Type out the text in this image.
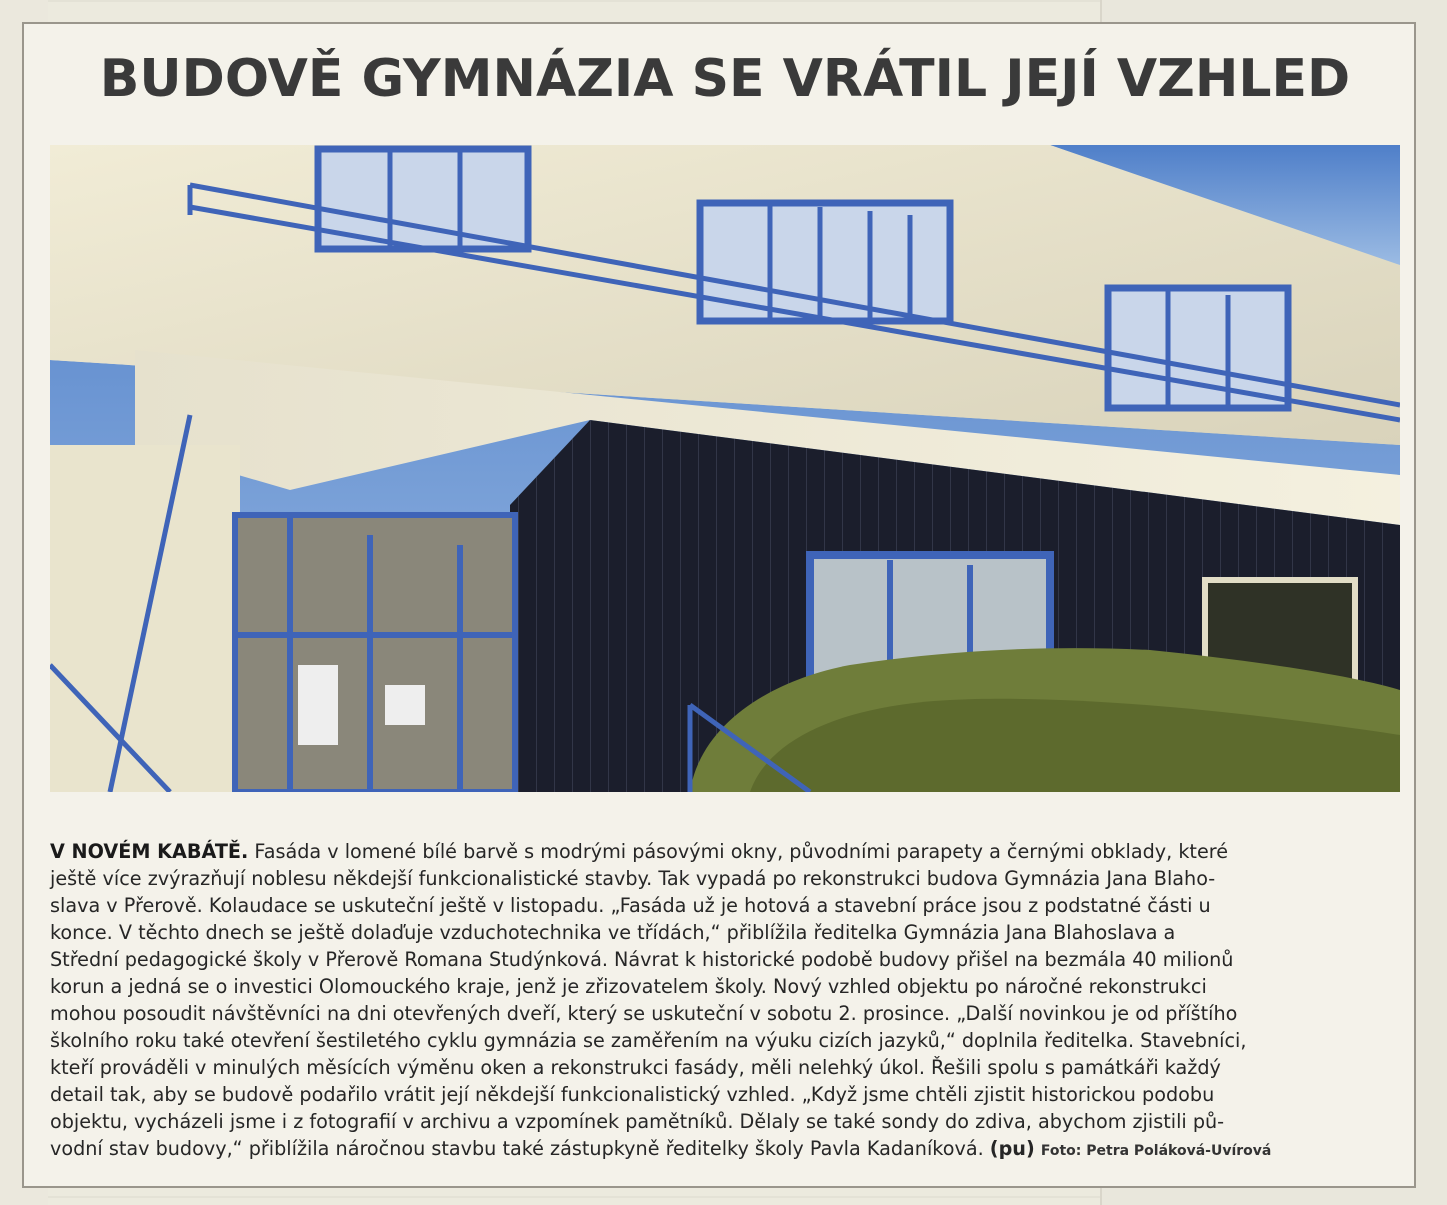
BUDOVĚ GYMNÁZIA SE VRÁTIL JEJÍ VZHLED

V NOVÉM KABÁTĚ. Fasáda v lomené bílé barvě s modrými pásovými okny, původními parapety a černými obklady, které

ještě více zvýrazňují noblesu někdejší funkcionalistické stavby. Tak vypadá po rekonstrukci budova Gymnázia Jana Blaho-

slava v Přerově. Kolaudace se uskuteční ještě v listopadu. „Fasáda už je hotová a stavební práce jsou z podstatné části u

konce. V těchto dnech se ještě dolaďuje vzduchotechnika ve třídách,“ přiblížila ředitelka Gymnázia Jana Blahoslava a

Střední pedagogické školy v Přerově Romana Studýnková. Návrat k historické podobě budovy přišel na bezmála 40 milionů

korun a jedná se o investici Olomouckého kraje, jenž je zřizovatelem školy. Nový vzhled objektu po náročné rekonstrukci

mohou posoudit návštěvníci na dni otevřených dveří, který se uskuteční v sobotu 2. prosince. „Další novinkou je od příštího

školního roku také otevření šestiletého cyklu gymnázia se zaměřením na výuku cizích jazyků,“ doplnila ředitelka. Stavebníci,

kteří prováděli v minulých měsících výměnu oken a rekonstrukci fasády, měli nelehký úkol. Řešili spolu s památkáři každý

detail tak, aby se budově podařilo vrátit její někdejší funkcionalistický vzhled. „Když jsme chtěli zjistit historickou podobu

objektu, vycházeli jsme i z fotografií v archivu a vzpomínek pamětníků. Dělaly se také sondy do zdiva, abychom zjistili pů-

vodní stav budovy,“ přiblížila náročnou stavbu také zástupkyně ředitelky školy Pavla Kadaníková. (pu) Foto: Petra Poláková-Uvírová
